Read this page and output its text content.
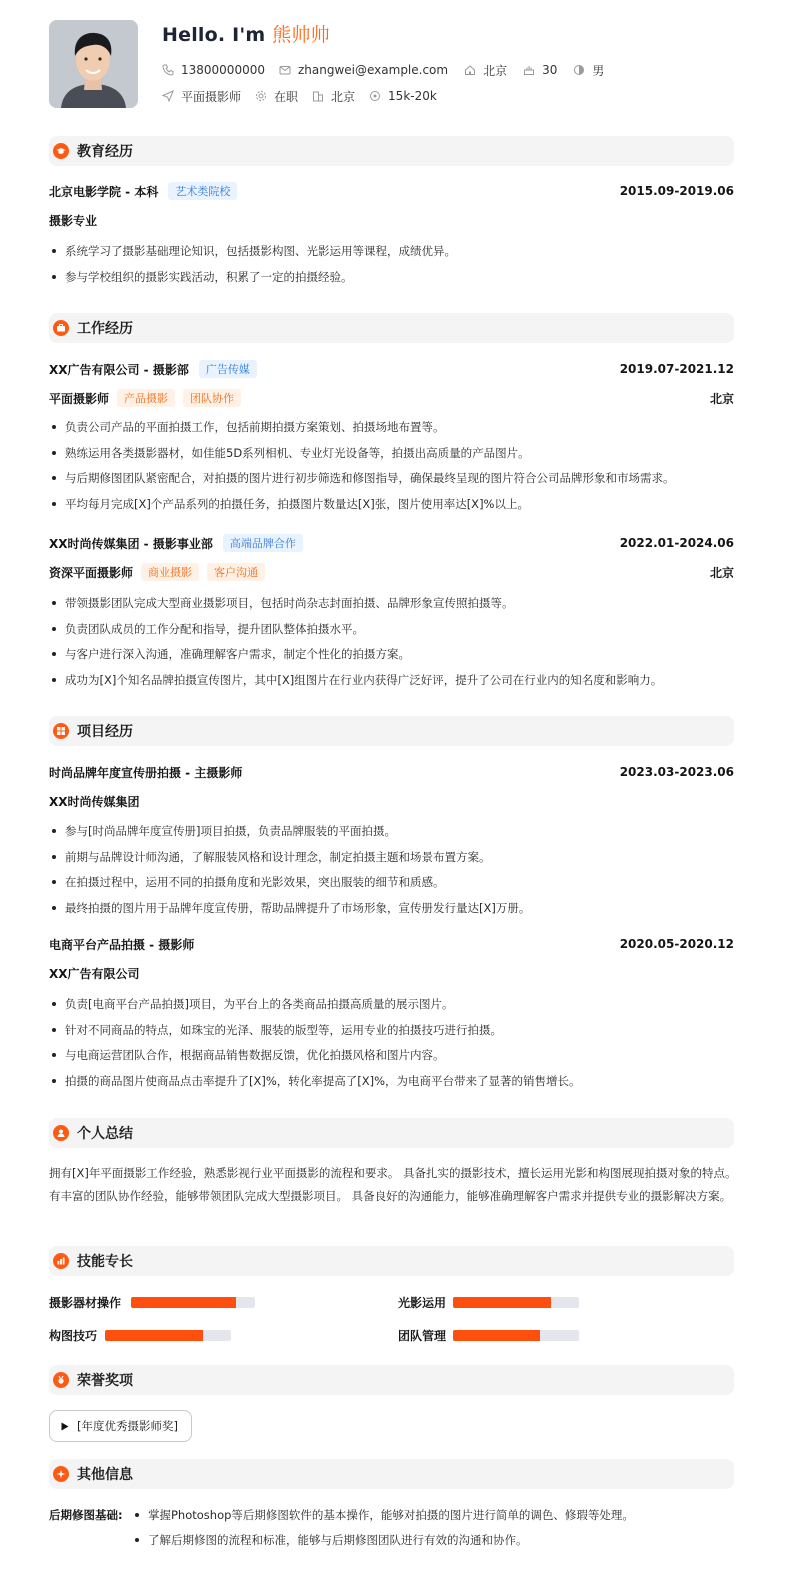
Hello. I'm 熊帅帅
13800000000	zhangwei@example.com	北京	30	男
平面摄影师	在职	北京	15k-20k
教育经历
北京电影学院 - 本科	艺术类院校	2015.09-2019.06
摄影专业
系统学习了摄影基础理论知识，包括摄影构图、光影运用等课程，成绩优异。
参与学校组织的摄影实践活动，积累了一定的拍摄经验。
工作经历
XX广告有限公司 - 摄影部	广告传媒	2019.07-2021.12
平面摄影师	产品摄影	团队协作	北京
负责公司产品的平面拍摄工作，包括前期拍摄方案策划、拍摄场地布置等。
熟练运用各类摄影器材，如佳能5D系列相机、专业灯光设备等，拍摄出高质量的产品图片。
与后期修图团队紧密配合，对拍摄的图片进行初步筛选和修图指导，确保最终呈现的图片符合公司品牌形象和市场需求。
平均每月完成[X]个产品系列的拍摄任务，拍摄图片数量达[X]张，图片使用率达[X]%以上。
XX时尚传媒集团 - 摄影事业部	高端品牌合作	2022.01-2024.06
资深平面摄影师	商业摄影	客户沟通	北京
带领摄影团队完成大型商业摄影项目，包括时尚杂志封面拍摄、品牌形象宣传照拍摄等。
负责团队成员的工作分配和指导，提升团队整体拍摄水平。
与客户进行深入沟通，准确理解客户需求，制定个性化的拍摄方案。
成功为[X]个知名品牌拍摄宣传图片，其中[X]组图片在行业内获得广泛好评，提升了公司在行业内的知名度和影响力。
项目经历
时尚品牌年度宣传册拍摄 - 主摄影师	2023.03-2023.06
XX时尚传媒集团
参与[时尚品牌年度宣传册]项目拍摄，负责品牌服装的平面拍摄。
前期与品牌设计师沟通，了解服装风格和设计理念，制定拍摄主题和场景布置方案。
在拍摄过程中，运用不同的拍摄角度和光影效果，突出服装的细节和质感。
最终拍摄的图片用于品牌年度宣传册，帮助品牌提升了市场形象，宣传册发行量达[X]万册。
电商平台产品拍摄 - 摄影师	2020.05-2020.12
XX广告有限公司
负责[电商平台产品拍摄]项目，为平台上的各类商品拍摄高质量的展示图片。
针对不同商品的特点，如珠宝的光泽、服装的版型等，运用专业的拍摄技巧进行拍摄。
与电商运营团队合作，根据商品销售数据反馈，优化拍摄风格和图片内容。
拍摄的商品图片使商品点击率提升了[X]%，转化率提高了[X]%，为电商平台带来了显著的销售增长。
个人总结
拥有[X]年平面摄影工作经验，熟悉影视行业平面摄影的流程和要求。 具备扎实的摄影技术，擅长运用光影和构图展现拍摄对象的特点。 有丰富的团队协作经验，能够带领团队完成大型摄影项目。 具备良好的沟通能力，能够准确理解客户需求并提供专业的摄影解决方案。
技能专长
摄影器材操作	光影运用
构图技巧	团队管理
荣誉奖项
[年度优秀摄影师奖]
其他信息
后期修图基础:	掌握Photoshop等后期修图软件的基本操作，能够对拍摄的图片进行简单的调色、修瑕等处理。
了解后期修图的流程和标准，能够与后期修图团队进行有效的沟通和协作。
